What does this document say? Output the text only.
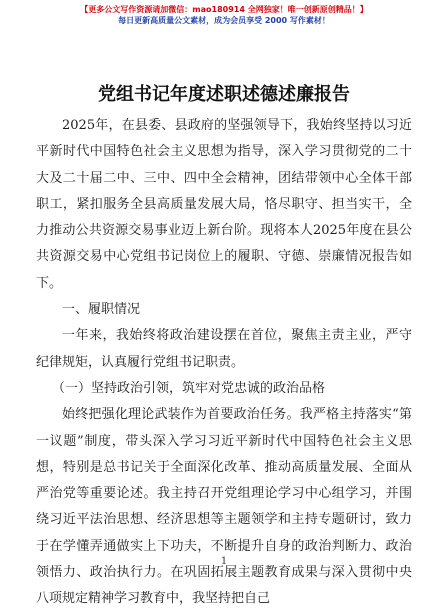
【更多公文写作资源请加微信：mao180914 全网独家！唯一创新原创精品！】
每日更新高质量公文素材，成为会员享受 2000 写作素材！
党组书记年度述职述德述廉报告

2025年，在县委、县政府的坚强领导下，我始终坚持以习近平新时代中国特色社会主义思想为指导，深入学习贯彻党的二十大及二十届二中、三中、四中全会精神，团结带领中心全体干部职工，紧扣服务全县高质量发展大局，恪尽职守、担当实干，全力推动公共资源交易事业迈上新台阶。现将本人2025年度在县公共资源交易中心党组书记岗位上的履职、守德、崇廉情况报告如下。

一、履职情况

一年来，我始终将政治建设摆在首位，聚焦主责主业，严守纪律规矩，认真履行党组书记职责。

（一）坚持政治引领，筑牢对党忠诚的政治品格

始终把强化理论武装作为首要政治任务。我严格主持落实“第一议题”制度，带头深入学习习近平新时代中国特色社会主义思想，特别是总书记关于全面深化改革、推动高质量发展、全面从严治党等重要论述。我主持召开党组理论学习中心组学习，并围绕习近平法治思想、经济思想等主题领学和主持专题研讨，致力于在学懂弄通做实上下功夫，不断提升自身的政治判断力、政治领悟力、政治执行力。在巩固拓展主题教育成果与深入贯彻中央八项规定精神学习教育中，我坚持把自己

1
